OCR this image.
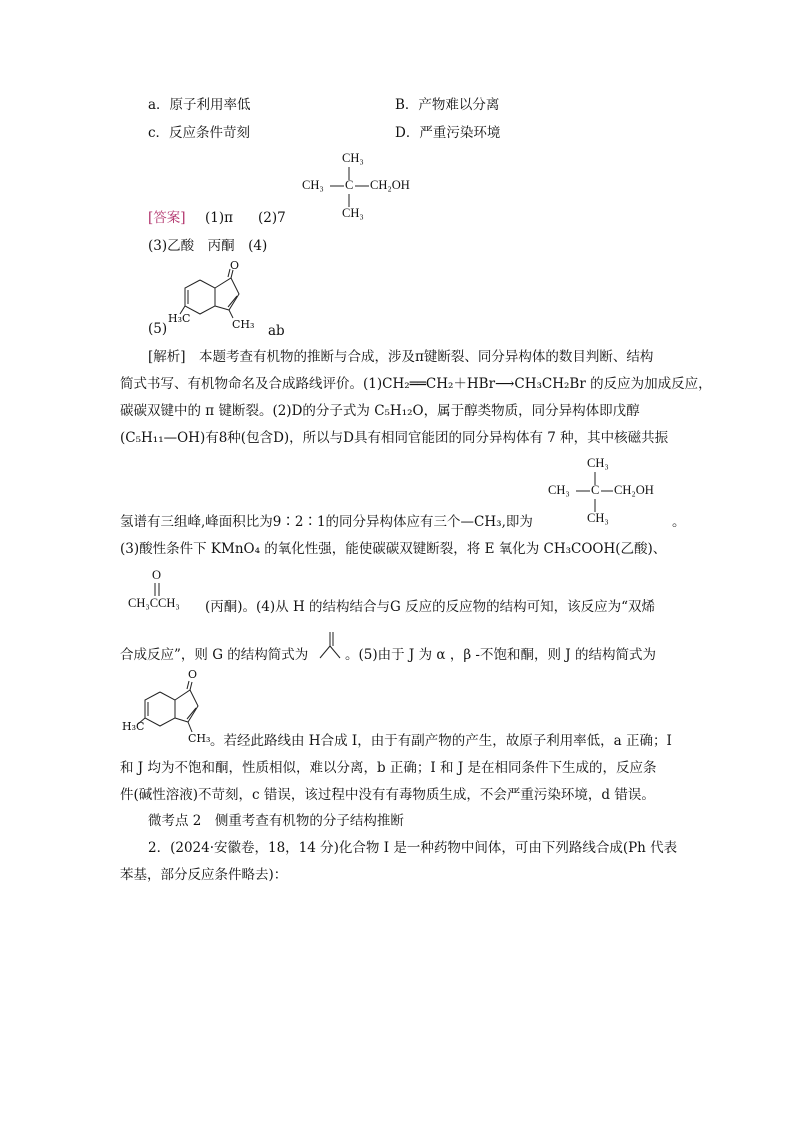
a．原子利用率低	B．产物难以分离
c．反应条件苛刻	D．严重污染环境
CH₃
CH₃ C CH₂OH
CH₃
[答案] (1)π (2)7
(3)乙酸　丙酮　(4)
O
H₃C	CH₃
(5)	ab
[解析]　本题考查有机物的推断与合成，涉及π键断裂、同分异构体的数目判断、结构
简式书写、有机物命名及合成路线评价。(1)CH₂══CH₂＋HBr⟶CH₃CH₂Br 的反应为加成反应，
碳碳双键中的 π 键断裂。(2)D的分子式为 C₅H₁₂O，属于醇类物质，同分异构体即戊醇
(C₅H₁₁—OH)有8种(包含D)，所以与D具有相同官能团的同分异构体有 7 种，其中核磁共振
CH₃
CH₃ C CH₂OH
CH₃
氢谱有三组峰,峰面积比为9∶2∶1的同分异构体应有三个—CH₃,即为	。
(3)酸性条件下 KMnO₄ 的氧化性强，能使碳碳双键断裂，将 E 氧化为 CH₃COOH(乙酸)、
O
CH₃CCH₃ (丙酮)。(4)从 H 的结构结合与G 反应的反应物的结构可知，该反应为“双烯
合成反应”，则 G 的结构简式为	。(5)由于 J 为 α ，β -不饱和酮，则 J 的结构简式为
O
H₃C
CH₃ 。若经此路线由 H合成 I，由于有副产物的产生，故原子利用率低，a 正确；I
和 J 均为不饱和酮，性质相似，难以分离，b 正确；I 和 J 是在相同条件下生成的，反应条
件(碱性溶液)不苛刻，c 错误，该过程中没有有毒物质生成，不会严重污染环境，d 错误。
微考点 2　侧重考查有机物的分子结构推断
2．(2024·安徽卷，18，14 分)化合物 I 是一种药物中间体，可由下列路线合成(Ph 代表
苯基，部分反应条件略去)：
